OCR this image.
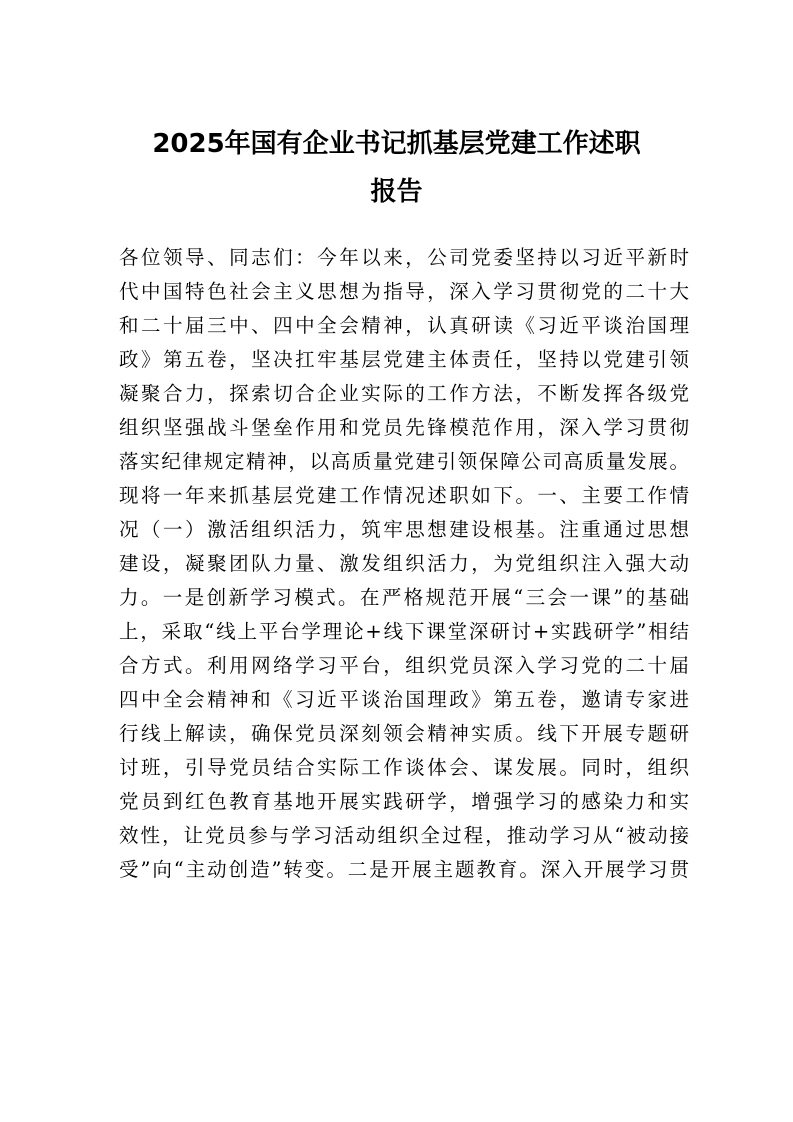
2025年国有企业书记抓基层党建工作述职
报告
各位领导、同志们：今年以来，公司党委坚持以习近平新时
代中国特色社会主义思想为指导，深入学习贯彻党的二十大
和二十届三中、四中全会精神，认真研读《习近平谈治国理
政》第五卷，坚决扛牢基层党建主体责任，坚持以党建引领
凝聚合力，探索切合企业实际的工作方法，不断发挥各级党
组织坚强战斗堡垒作用和党员先锋模范作用，深入学习贯彻
落实纪律规定精神，以高质量党建引领保障公司高质量发展。
现将一年来抓基层党建工作情况述职如下。一、主要工作情
况（一）激活组织活力，筑牢思想建设根基。注重通过思想
建设，凝聚团队力量、激发组织活力，为党组织注入强大动
力。一是创新学习模式。在严格规范开展“三会一课”的基础
上，采取“线上平台学理论+线下课堂深研讨+实践研学”相结
合方式。利用网络学习平台，组织党员深入学习党的二十届
四中全会精神和《习近平谈治国理政》第五卷，邀请专家进
行线上解读，确保党员深刻领会精神实质。线下开展专题研
讨班，引导党员结合实际工作谈体会、谋发展。同时，组织
党员到红色教育基地开展实践研学，增强学习的感染力和实
效性，让党员参与学习活动组织全过程，推动学习从“被动接
受”向“主动创造”转变。二是开展主题教育。深入开展学习贯
